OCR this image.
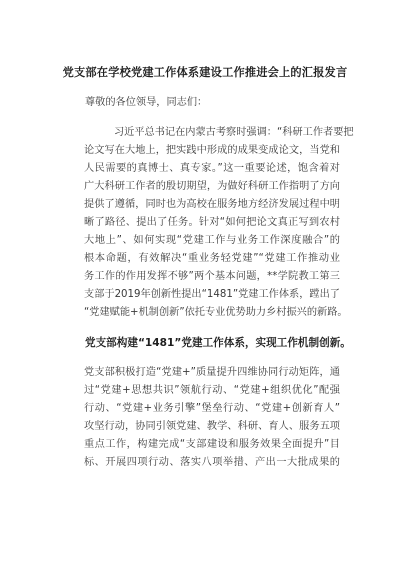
党支部在学校党建工作体系建设工作推进会上的汇报发言
尊敬的各位领导，同志们：
习近平总书记在内蒙古考察时强调：“科研工作者要把
论文写在大地上，把实践中形成的成果变成论文，当党和
人民需要的真博士、真专家。”这一重要论述，饱含着对
广大科研工作者的殷切期望，为做好科研工作指明了方向
提供了遵循，同时也为高校在服务地方经济发展过程中明
晰了路径、提出了任务。针对“如何把论文真正写到农村
大地上”、如何实现“党建工作与业务工作深度融合”的
根本命题，有效解决“重业务轻党建”“党建工作推动业
务工作的作用发挥不够”两个基本问题，**学院教工第三
支部于2019年创新性提出“1481”党建工作体系，蹚出了
“党建赋能+机制创新”依托专业优势助力乡村振兴的新路。
党支部构建“1481”党建工作体系，实现工作机制创新。
党支部积极打造“党建+”质量提升四维协同行动矩阵，通
过“党建+思想共识”领航行动、“党建+组织优化”配强
行动、“党建+业务引擎”堡垒行动、“党建+创新育人”
攻坚行动，协同引领党建、教学、科研、育人、服务五项
重点工作，构建完成“支部建设和服务效果全面提升”目
标、开展四项行动、落实八项举措、产出一大批成果的
